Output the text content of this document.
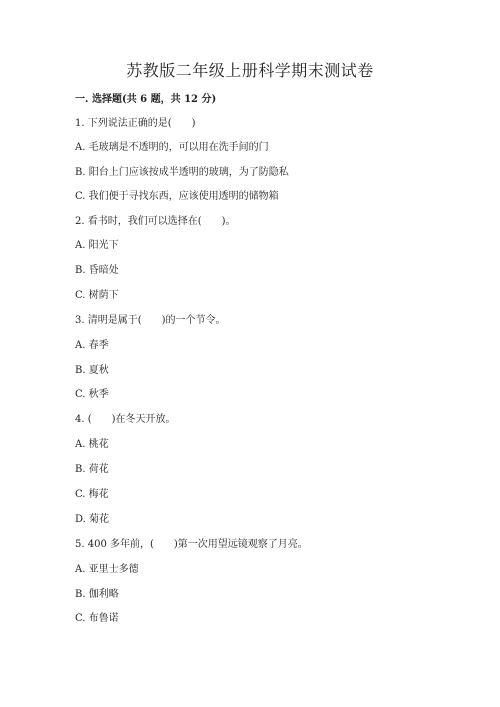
苏教版二年级上册科学期末测试卷
一. 选择题(共 6 题，共 12 分)
1. 下列说法正确的是(　　)
A. 毛玻璃是不透明的，可以用在洗手间的门
B. 阳台上门应该按成半透明的玻璃，为了防隐私
C. 我们便于寻找东西，应该使用透明的储物箱
2. 看书时，我们可以选择在(　　)。
A. 阳光下
B. 昏暗处
C. 树荫下
3. 清明是属于(　　)的一个节令。
A. 春季
B. 夏秋
C. 秋季
4. (　　)在冬天开放。
A. 桃花
B. 荷花
C. 梅花
D. 菊花
5. 400 多年前，(　　)第一次用望远镜观察了月亮。
A. 亚里士多德
B. 伽利略
C. 布鲁诺
